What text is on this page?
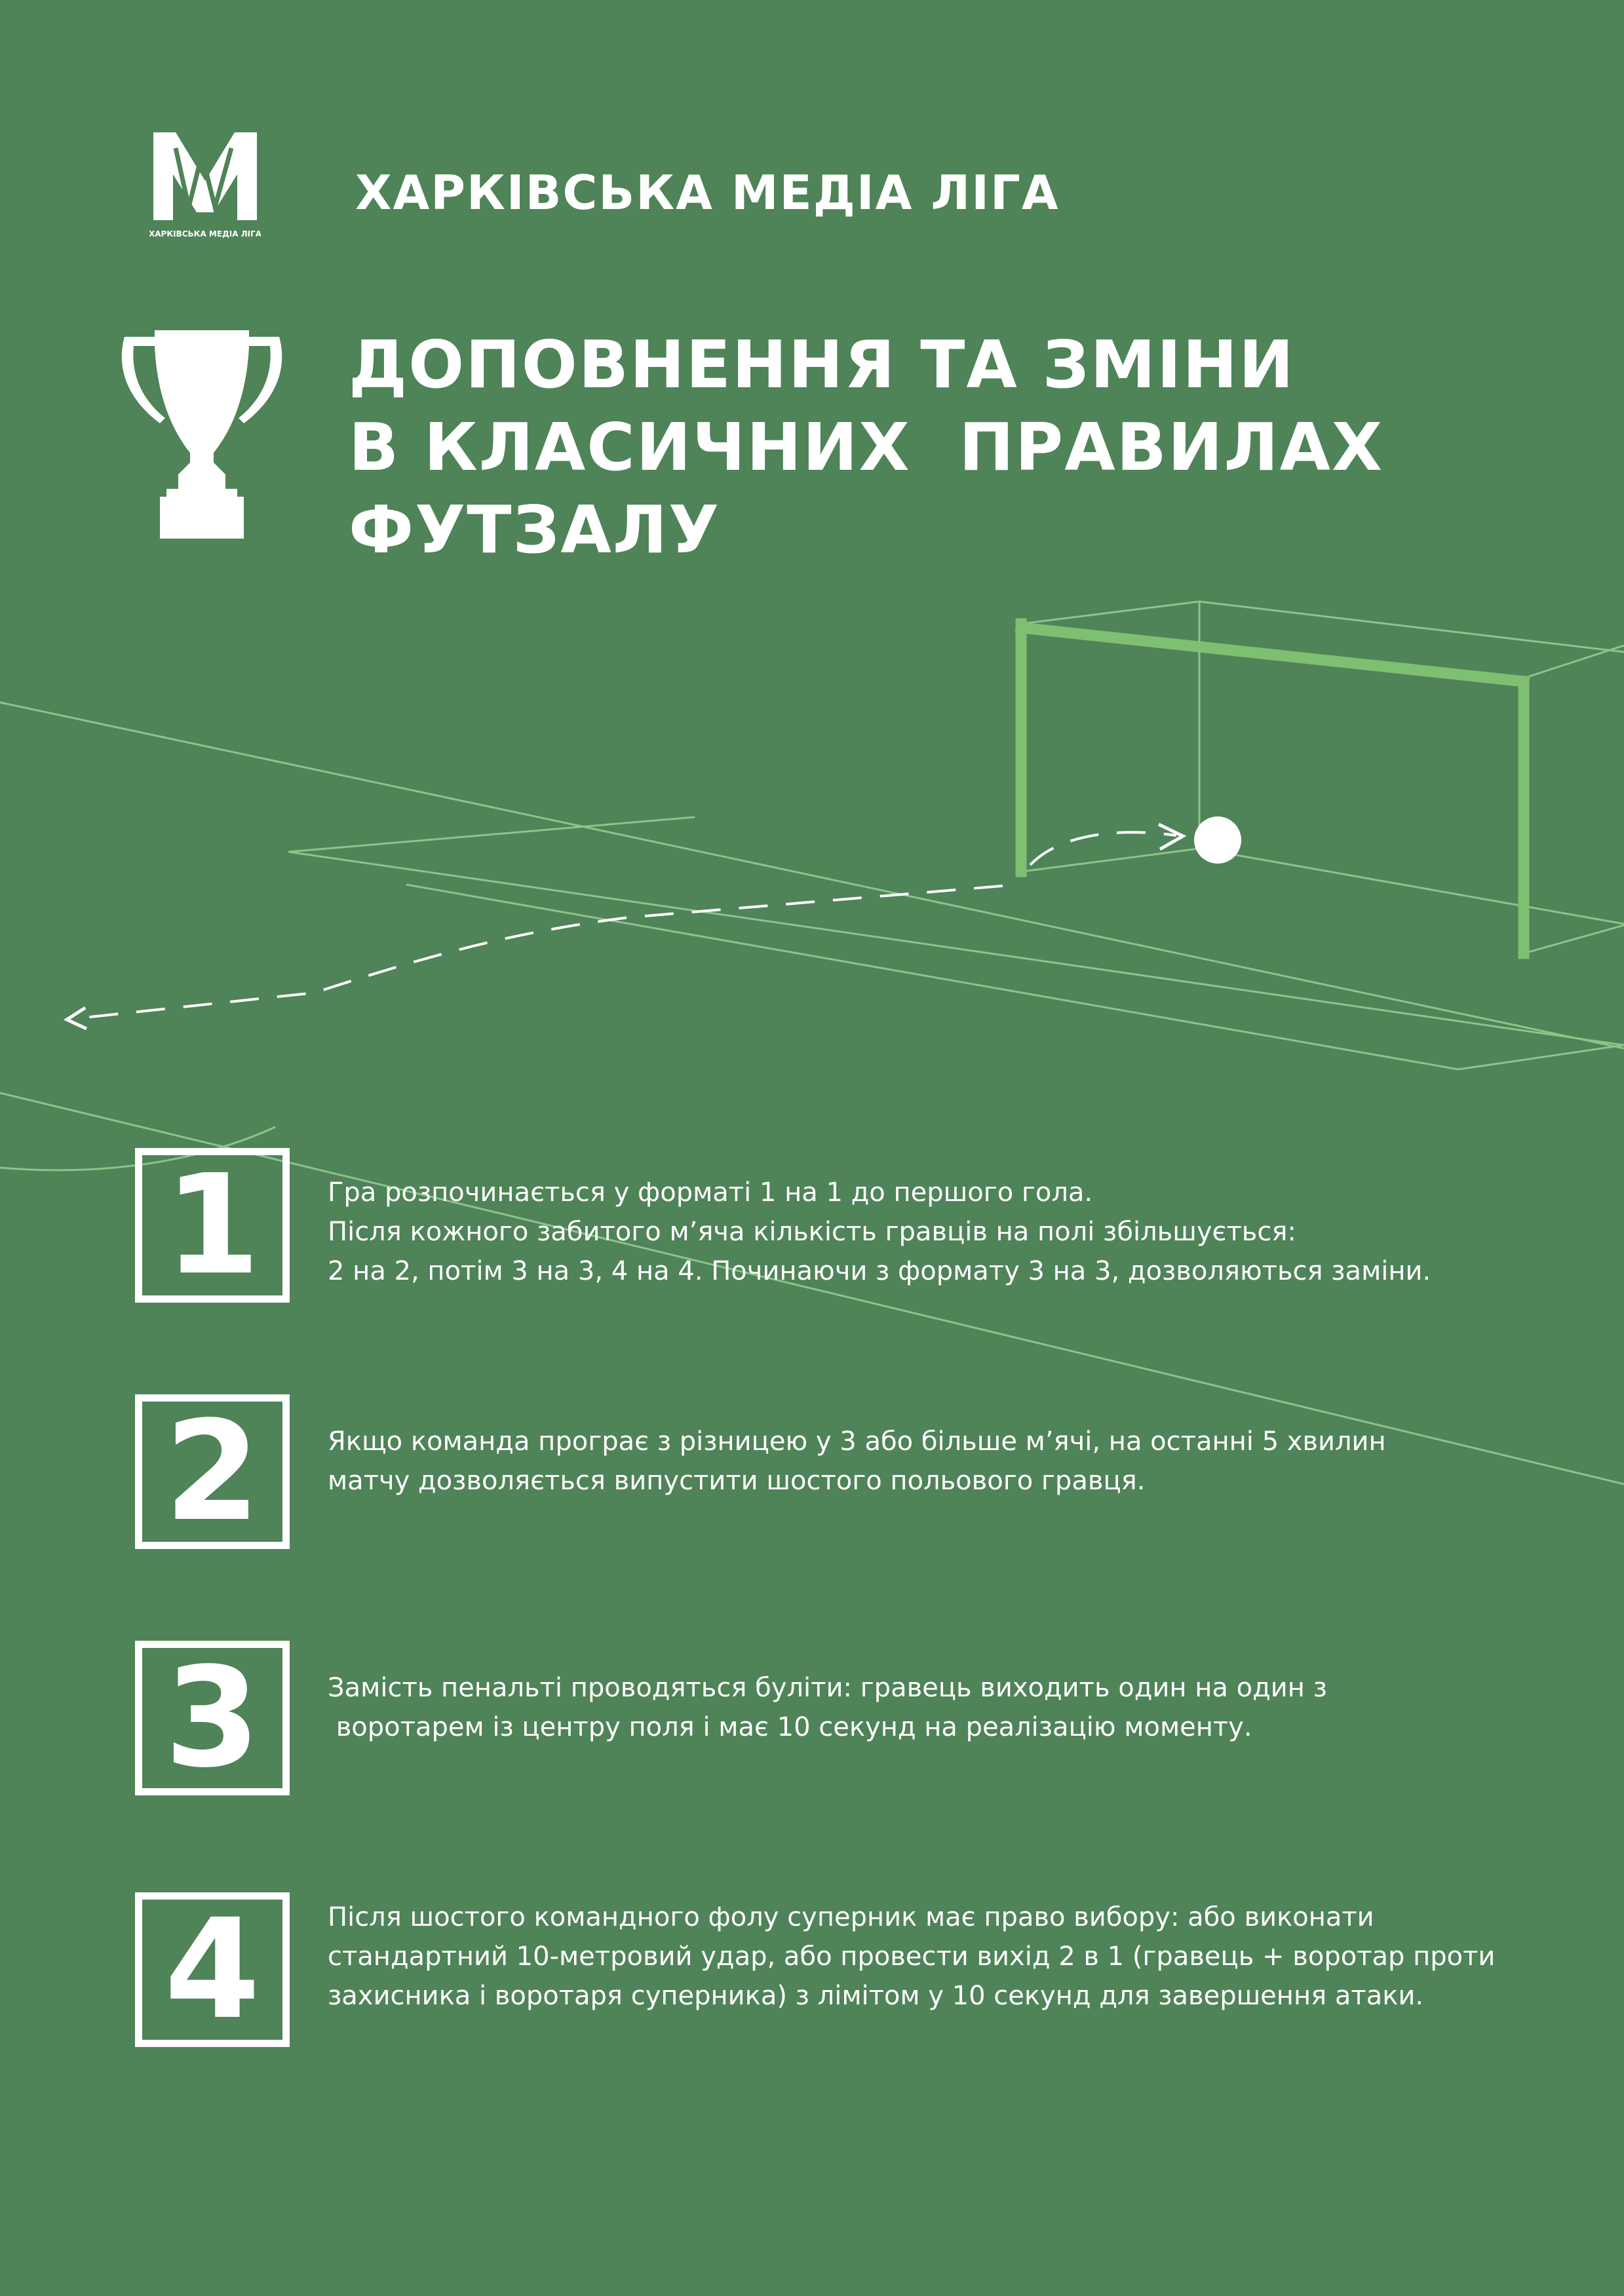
ХАРКІВСЬКА МЕДІА ЛІГА
ХАРКІВСЬКА МЕДІА ЛІГА
ДОПОВНЕННЯ ТА ЗМІНИ
В КЛАСИЧНИХ  ПРАВИЛАХ
ФУТЗАЛУ
1	Гра розпочинається у форматі 1 на 1 до першого гола.
Після кожного забитого м’яча кількість гравців на полі збільшується:
2 на 2, потім 3 на 3, 4 на 4. Починаючи з формату 3 на 3, дозволяються заміни.
2	Якщо команда програє з різницею у 3 або більше м’ячі, на останні 5 хвилин
матчу дозволяється випустити шостого польового гравця.
3	Замість пенальті проводяться буліти: гравець виходить один на один з
воротарем із центру поля і має 10 секунд на реалізацію моменту.
4	Після шостого командного фолу суперник має право вибору: або виконати
стандартний 10-метровий удар, або провести вихід 2 в 1 (гравець + воротар проти
захисника і воротаря суперника) з лімітом у 10 секунд для завершення атаки.
